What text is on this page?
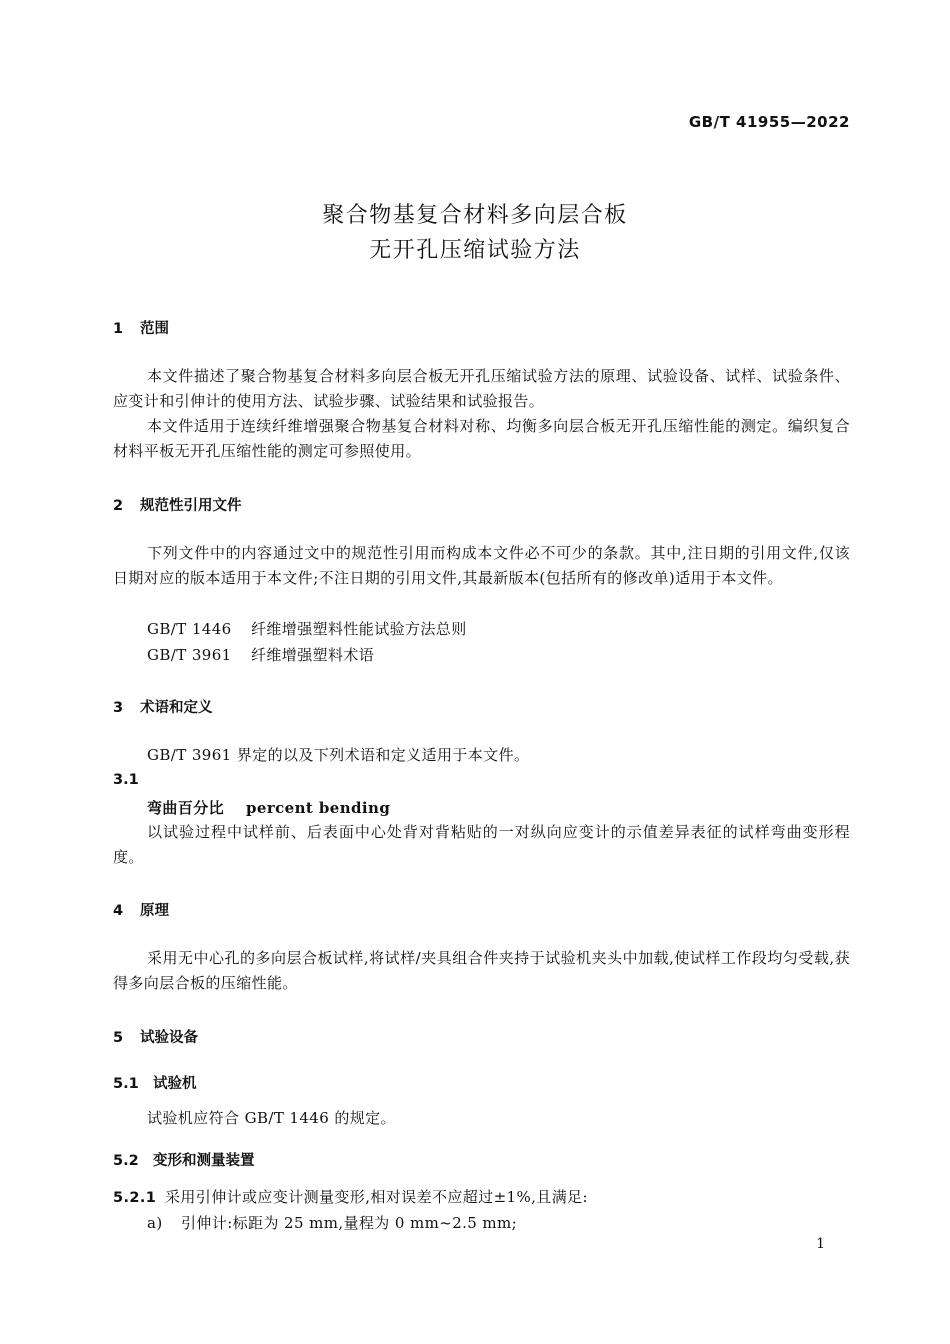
GB/T 41955—2022
聚合物基复合材料多向层合板
无开孔压缩试验方法
1 范围
本文件描述了聚合物基复合材料多向层合板无开孔压缩试验方法的原理、试验设备、试样、试验条件、应变计和引伸计的使用方法、试验步骤、试验结果和试验报告。
本文件适用于连续纤维增强聚合物基复合材料对称、均衡多向层合板无开孔压缩性能的测定。编织复合材料平板无开孔压缩性能的测定可参照使用。
2 规范性引用文件
下列文件中的内容通过文中的规范性引用而构成本文件必不可少的条款。其中,注日期的引用文件,仅该日期对应的版本适用于本文件;不注日期的引用文件,其最新版本(包括所有的修改单)适用于本文件。
GB/T 1446 纤维增强塑料性能试验方法总则
GB/T 3961 纤维增强塑料术语
3 术语和定义
GB/T 3961 界定的以及下列术语和定义适用于本文件。
3.1
弯曲百分比 percent bending
以试验过程中试样前、后表面中心处背对背粘贴的一对纵向应变计的示值差异表征的试样弯曲变形程度。
4 原理
采用无中心孔的多向层合板试样,将试样/夹具组合件夹持于试验机夹头中加载,使试样工作段均匀受载,获得多向层合板的压缩性能。
5 试验设备
5.1 试验机
试验机应符合 GB/T 1446 的规定。
5.2 变形和测量装置
5.2.1 采用引伸计或应变计测量变形,相对误差不应超过±1%,且满足:
a) 引伸计:标距为 25 mm,量程为 0 mm~2.5 mm;
1
